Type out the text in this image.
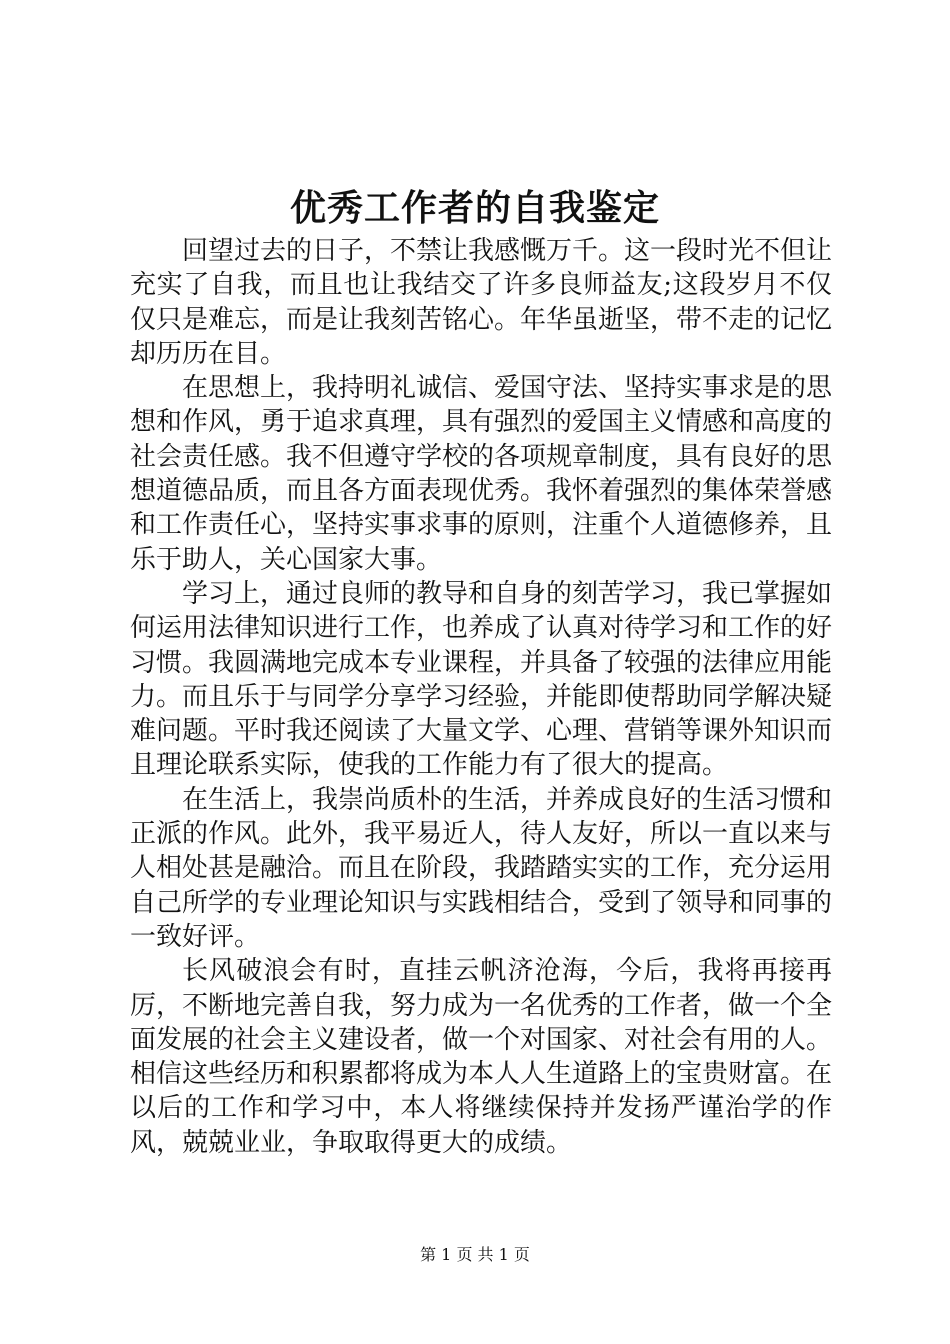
优秀工作者的自我鉴定

回望过去的日子，不禁让我感慨万千。这一段时光不但让充实了自我，而且也让我结交了许多良师益友;这段岁月不仅仅只是难忘，而是让我刻苦铭心。年华虽逝坚，带不走的记忆却历历在目。

在思想上，我持明礼诚信、爱国守法、坚持实事求是的思想和作风，勇于追求真理，具有强烈的爱国主义情感和高度的社会责任感。我不但遵守学校的各项规章制度，具有良好的思想道德品质，而且各方面表现优秀。我怀着强烈的集体荣誉感和工作责任心，坚持实事求事的原则，注重个人道德修养，且乐于助人，关心国家大事。

学习上，通过良师的教导和自身的刻苦学习，我已掌握如何运用法律知识进行工作，也养成了认真对待学习和工作的好习惯。我圆满地完成本专业课程，并具备了较强的法律应用能力。而且乐于与同学分享学习经验，并能即使帮助同学解决疑难问题。平时我还阅读了大量文学、心理、营销等课外知识而且理论联系实际，使我的工作能力有了很大的提高。

在生活上，我崇尚质朴的生活，并养成良好的生活习惯和正派的作风。此外，我平易近人，待人友好，所以一直以来与人相处甚是融洽。而且在阶段，我踏踏实实的工作，充分运用自己所学的专业理论知识与实践相结合，受到了领导和同事的一致好评。

长风破浪会有时，直挂云帆济沧海，今后，我将再接再厉，不断地完善自我，努力成为一名优秀的工作者，做一个全面发展的社会主义建设者，做一个对国家、对社会有用的人。相信这些经历和积累都将成为本人人生道路上的宝贵财富。在以后的工作和学习中，本人将继续保持并发扬严谨治学的作风，兢兢业业，争取取得更大的成绩。

第 1 页 共 1 页
